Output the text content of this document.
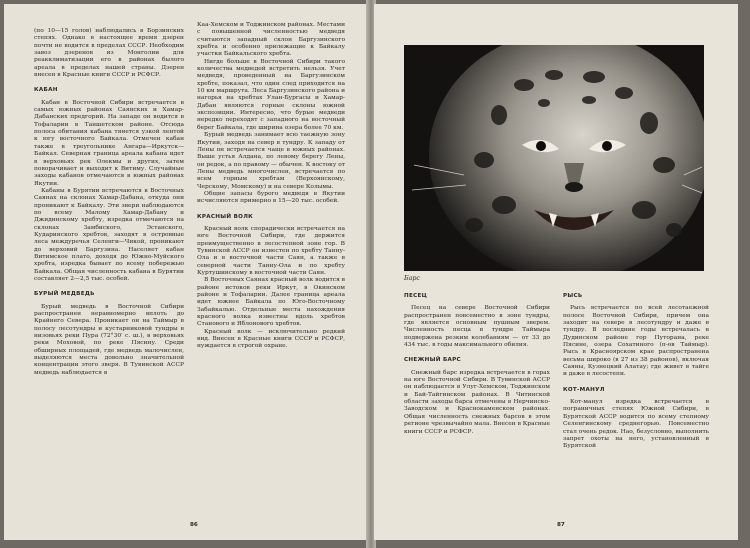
(по 10—15 голов) наблюдались в Борзинских степях. Однако в настоящее время дзерен почти не водится в пределах СССР. Необходим завоз дзеренов из Монголии для реакклиматизации его в районах былого ареала в пределах нашей страны. Дзерен внесен в Красные книги СССР и РСФСР.

КАБАН

Кабан в Восточной Сибири встречается в самых южных районах Саянских и Хамар-Дабанских предгорий. На западе он водится в Тофаларии в Таншетском районе. Отсюда полоса обитания кабана тянется узкой лентой к югу восточного Байкала. Отмечен кабан также в треугольнике Ангара—Иркутск—Байкал. Северная граница ареала кабана идет в верховьях рек Олекмы и других, затем поворачивает и выходит к Витиму. Случайные заходы кабанов отмечаются в южных районах Якутии.

Кабаны в Бурятии встречаются в Восточных Саянах на склонах Хамар-Дабана, откуда они проникают к Байкалу. Эти звери наблюдаются по всему Малому Хамар-Дабану и Джидинскому хребту, изредка отмечаются на склонах Замбиского, Эстанского, Кударинского хребтов, заходят в островные леса междуречья Селенги—Чикой, проникают до верховий Баргузина. Населяет кабан Витимское плато, доходя до Южно-Муйского хребта, изредка бывает по всему побережью Байкала. Общая численность кабана в Бурятии составляет 2—2,5 тыс. особей.

БУРЫЙ МЕДВЕДЬ

Бурый медведь в Восточной Сибири распространен неравномерно вплоть до Крайнего Севера. Проникает он на Таймыр в полосу лесотундры и кустарниковой тундры в низовьях реки Пура (72°30′ с. ш.), в верховьях реки Моховой, по реке Пясину. Среди обширных площадей, где медведь малочислен, выделяются места довольно значительной концентрации этого зверя. В Тувинской АССР медведь наблюдается в

Каа-Хемском и Тоджинском районах. Местами с повышенной численностью медведя считаются западный склон Баргузинского хребта и особенно прилежащие к Байкалу участки Байкальского хребта.

Нигде больше в Восточной Сибири такого количества медведей встретить нельзя. Учет медведя, проведенный на Баргузинском хребте, показал, что один след приходится на 10 км маршрута. Леса Баргузинского района и нагорья на хребтах Улан-Бургасы и Хамар-Дабан являются горные склоны южной экспозиции. Интересно, что бурые медведи нередко переходят с западного на восточный берег Байкала, где ширина озера более 70 км.

Бурый медведь занимает всю таежную зону Якутии, заходя на север в тундру. К западу от Лены он встречается чаще в южных районах. Выше устья Алдана, по левому берегу Лены, он редок, а по правому — обычен. К востоку от Лены медведь многочислен, встречается по всем горным хребтам (Верхоянскому, Черскому, Момскому) и на севере Колымы.

Общие запасы бурого медведя в Якутии исчисляются примерно в 15—20 тыс. особей.

КРАСНЫЙ ВОЛК

Красный волк спорадически встречается на юге Восточной Сибири, где держится преимущественно в лесостепной зоне гор. В Тувинской АССР он известен по хребту Танну-Ола и в восточной части Саян, а также в северной части Танну-Ола и по хребту Куртушинскому в восточной части Саян.

В Восточных Саянах красный волк водится в районе истоков реки Иркут, в Окинском районе и Тофаларии. Далее граница ареала идет южнее Байкала по Юго-Восточному Забайкалью. Отдельные места нахождения красного волка известны вдоль хребтов Станового и Яблонового хребтов.

Красный волк — исключительно редкий вид. Внесен в Красные книги СССР и РСФСР, нуждается в строгой охране.

86
Барс

ПЕСЕЦ

Песец на севере Восточной Сибири распространен повсеместно в зоне тундры, где является основным пушным зверем. Численность песца в тундре Таймыра подвержена резким колебаниям — от 33 до 434 тыс. в годы максимального обилия.

СНЕЖНЫЙ БАРС

Снежный барс изредка встречается в горах на юге Восточной Сибири. В Тувинской АССР он наблюдается в Улуг-Хемском, Тоджинском и Бай-Тайгинском районах. В Читинской области заходы барса отмечены в Нерчинско-Заводском и Краснокаменском районах. Общая численность снежных барсов в этом регионе чрезвычайно мала. Внесен в Красные книги СССР и РСФСР.

РЫСЬ

Рысь встречается по всей лесотаежной полосе Восточной Сибири, причем она заходит на севере в лесотундру и даже в тундру. В последние годы встречалась в Дудинском районе гор Путорана, реке Пясине, озера Сохатиного (п-ов Таймыр). Рысь в Красноярском крае распространена весьма широко (в 27 из 38 районов), включая Саяны, Кузнецкий Алатау; где живет в тайге и даже в лесостепи.

КОТ-МАНУЛ

Кот-манул изредка встречается в пограничных степях Южной Сибири, в Бурятской АССР водится по всему степному Селенгинскому среднегорью. Повсеместно стал очень редок. Нао, безусловно, выполнить запрет охоты на него, установленный в Бурятской

87
